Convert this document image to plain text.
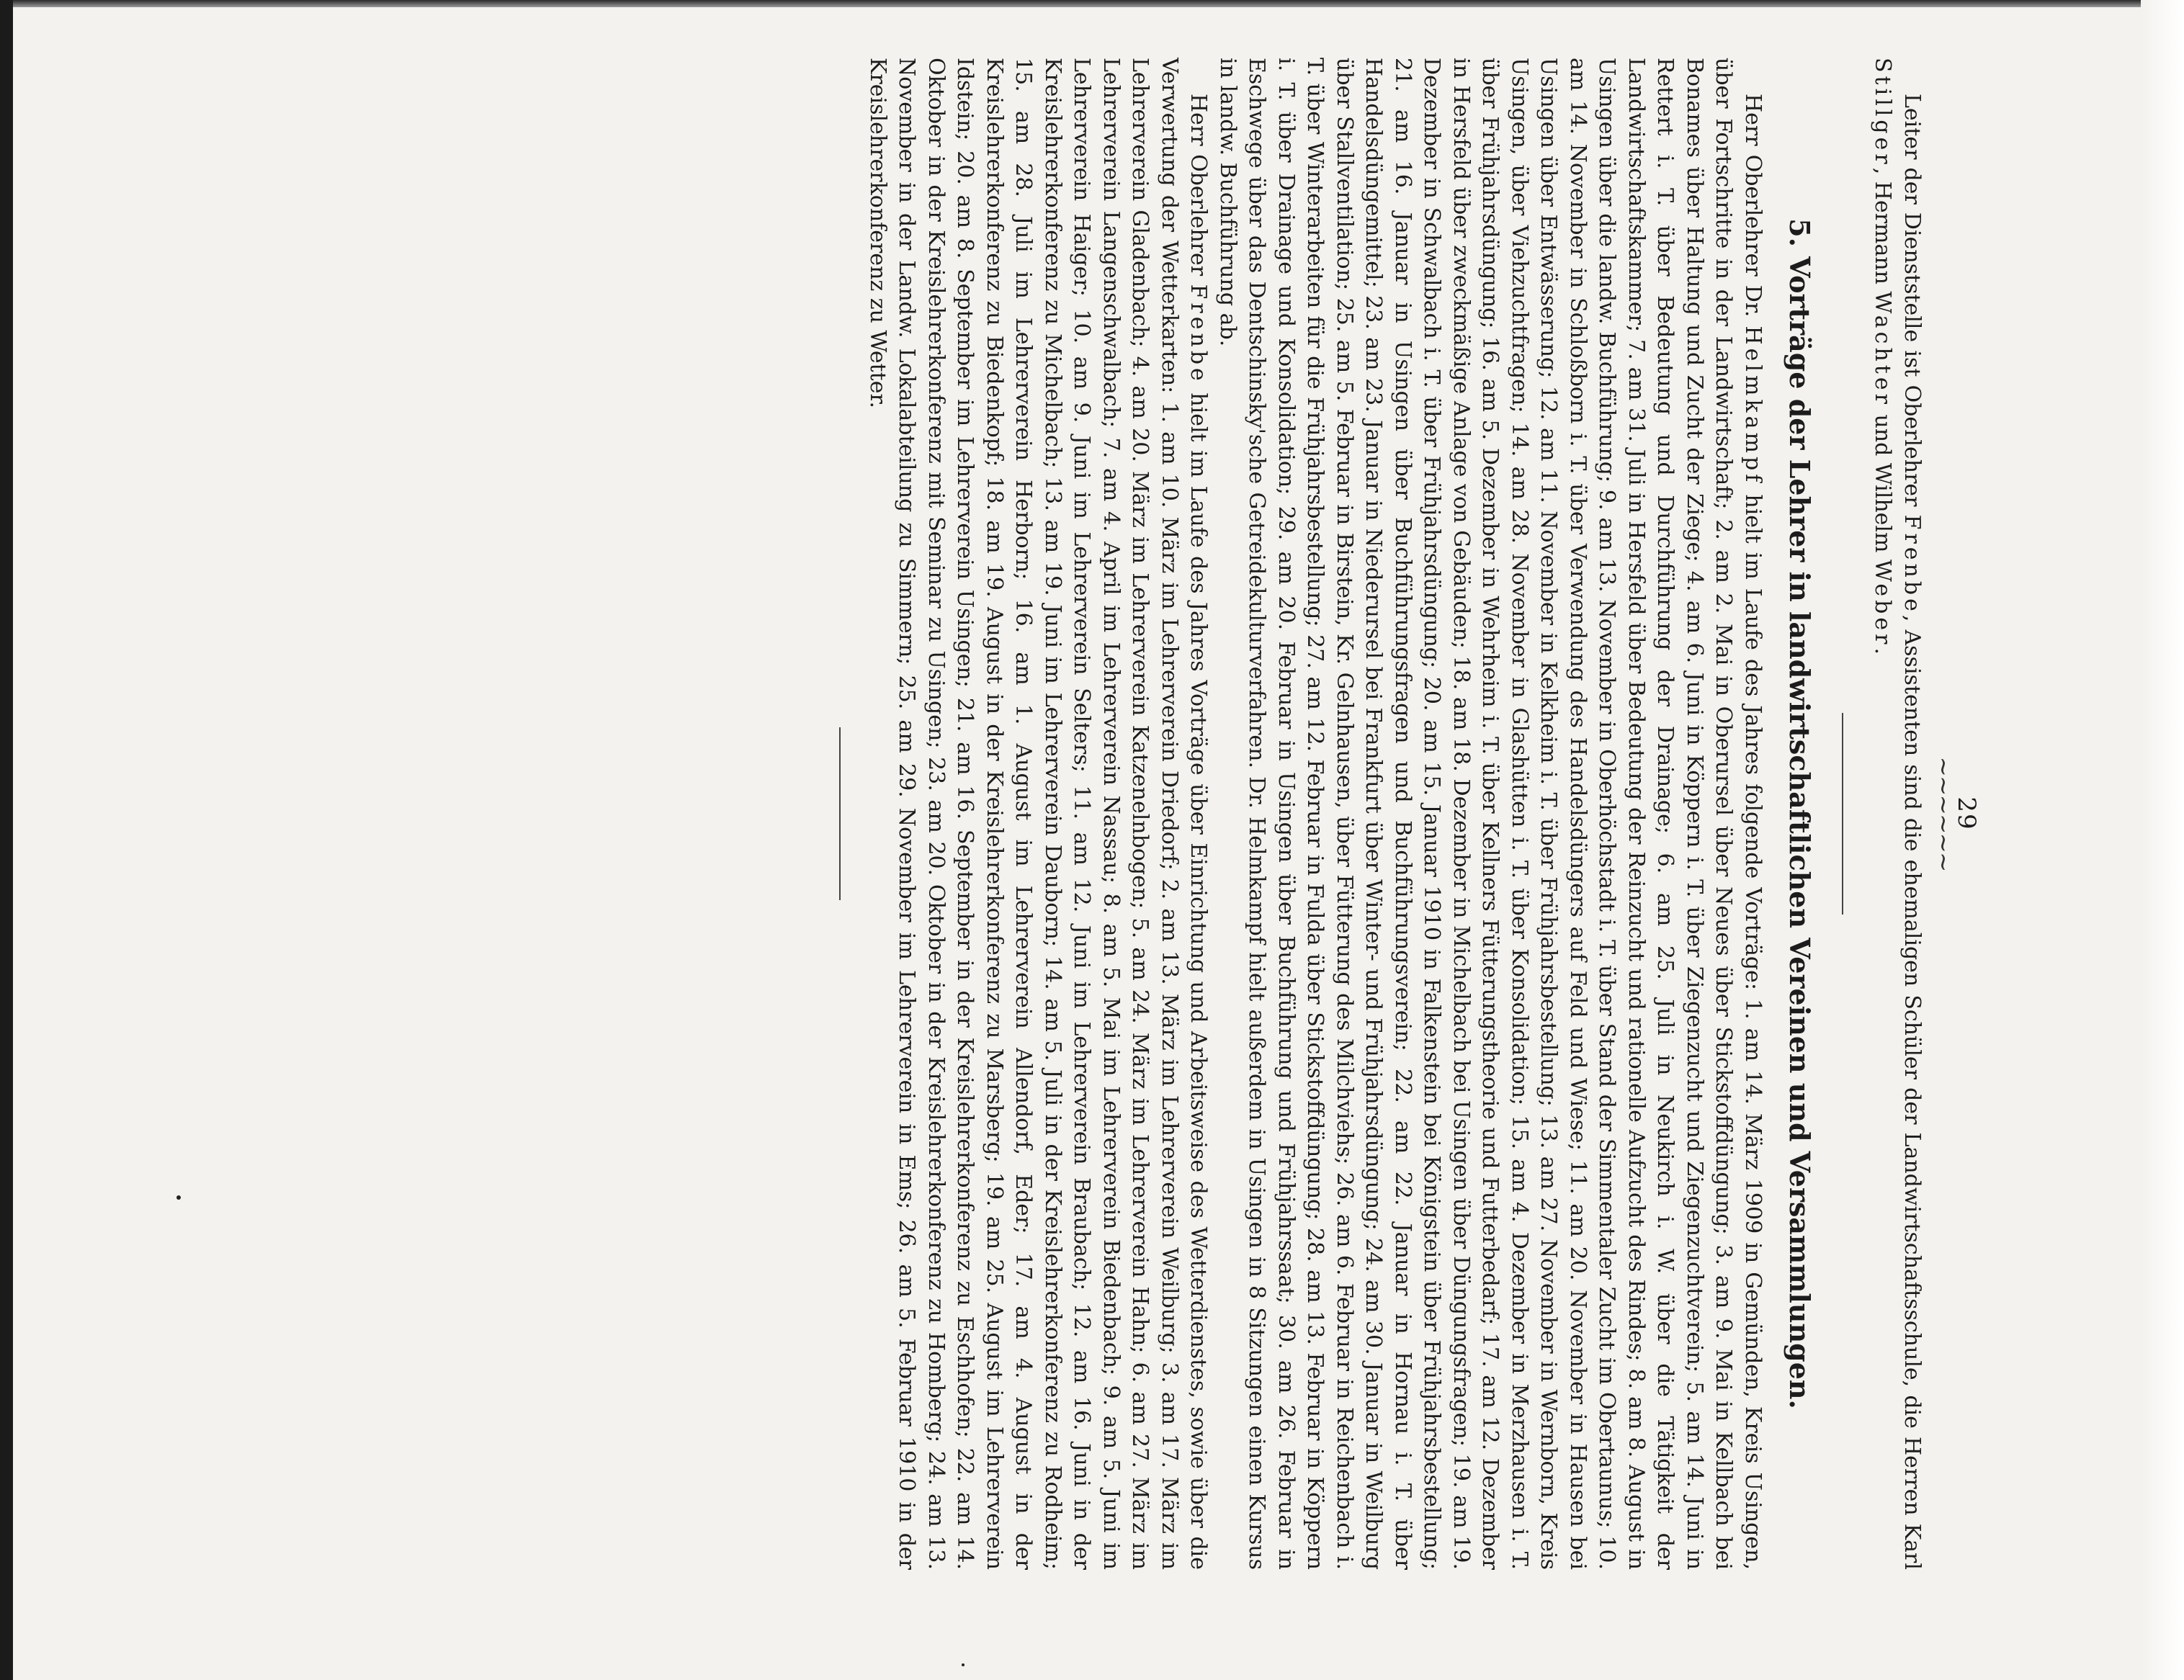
29

~~~~~~

Leiter der Dienststelle ist Oberlehrer Frenbe, Assistenten sind die ehemaligen Schüler der Landwirtschaftsschule, die Herren Karl Stillger, Hermann Wachter und Wilhelm Weber.

5. Vorträge der Lehrer in landwirtschaftlichen Vereinen und Versammlungen.

Herr Oberlehrer Dr. Helmkampf hielt im Laufe des Jahres folgende Vorträge: 1. am 14. März 1909 in Gemünden, Kreis Usingen, über Fortschritte in der Landwirtschaft; 2. am 2. Mai in Oberursel über Neues über Stickstoffdüngung; 3. am 9. Mai in Kellbach bei Bonames über Haltung und Zucht der Ziege; 4. am 6. Juni in Köppern i. T. über Ziegenzucht und Ziegenzuchtverein; 5. am 14. Juni in Rettert i. T. über Bedeutung und Durchführung der Drainage; 6. am 25. Juli in Neukirch i. W. über die Tätigkeit der Landwirtschaftskammer; 7. am 31. Juli in Hersfeld über Bedeutung der Reinzucht und rationelle Aufzucht des Rindes; 8. am 8. August in Usingen über die landw. Buchführung; 9. am 13. November in Oberhöchstadt i. T. über Stand der Simmentaler Zucht im Obertaunus; 10. am 14. November in Schloßborn i. T. über Verwendung des Handelsdüngers auf Feld und Wiese; 11. am 20. November in Hausen bei Usingen über Entwässerung; 12. am 11. November in Kelkheim i. T. über Frühjahrsbestellung; 13. am 27. November in Wernborn, Kreis Usingen, über Viehzuchtfragen; 14. am 28. November in Glashütten i. T. über Konsolidation; 15. am 4. Dezember in Merzhausen i. T. über Frühjahrsdüngung; 16. am 5. Dezember in Wehrheim i. T. über Kellners Fütterungstheorie und Futterbedarf; 17. am 12. Dezember in Hersfeld über zweckmäßige Anlage von Gebäuden; 18. am 18. Dezember in Michelbach bei Usingen über Düngungsfragen; 19. am 19. Dezember in Schwalbach i. T. über Frühjahrsdüngung; 20. am 15. Januar 1910 in Falkenstein bei Königstein über Frühjahrsbestellung; 21. am 16. Januar in Usingen über Buchführungsfragen und Buchführungsverein; 22. am 22. Januar in Hornau i. T. über Handelsdüngemittel; 23. am 23. Januar in Niederursel bei Frankfurt über Winter- und Frühjahrsdüngung; 24. am 30. Januar in Weilburg über Stallventilation; 25. am 5. Februar in Birstein, Kr. Gelnhausen, über Fütterung des Milchviehs; 26. am 6. Februar in Reichenbach i. T. über Winterarbeiten für die Frühjahrsbestellung; 27. am 12. Februar in Fulda über Stickstoffdüngung; 28. am 13. Februar in Köppern i. T. über Drainage und Konsolidation; 29. am 20. Februar in Usingen über Buchführung und Frühjahrssaat; 30. am 26. Februar in Eschwege über das Dentschinsky'sche Getreidekulturverfahren. Dr. Helmkampf hielt außerdem in Usingen in 8 Sitzungen einen Kursus in landw. Buchführung ab.

Herr Oberlehrer Frenbe hielt im Laufe des Jahres Vorträge über Einrichtung und Arbeitsweise des Wetterdienstes, sowie über die Verwertung der Wetterkarten: 1. am 10. März im Lehrerverein Driedorf; 2. am 13. März im Lehrerverein Weilburg; 3. am 17. März im Lehrerverein Gladenbach; 4. am 20. März im Lehrerverein Katzenelnbogen; 5. am 24. März im Lehrerverein Hahn; 6. am 27. März im Lehrerverein Langenschwalbach; 7. am 4. April im Lehrerverein Nassau; 8. am 5. Mai im Lehrerverein Biedenbach; 9. am 5. Juni im Lehrerverein Haiger; 10. am 9. Juni im Lehrerverein Selters; 11. am 12. Juni im Lehrerverein Braubach; 12. am 16. Juni in der Kreislehrerkonferenz zu Michelbach; 13. am 19. Juni im Lehrerverein Dauborn; 14. am 5. Juli in der Kreislehrerkonferenz zu Rodheim; 15. am 28. Juli im Lehrerverein Herborn; 16. am 1. August im Lehrerverein Allendorf, Eder; 17. am 4. August in der Kreislehrerkonferenz zu Biedenkopf; 18. am 19. August in der Kreislehrerkonferenz zu Marsberg; 19. am 25. August im Lehrerverein Idstein; 20. am 8. September im Lehrerverein Usingen; 21. am 16. September in der Kreislehrerkonferenz zu Eschhofen; 22. am 14. Oktober in der Kreislehrerkonferenz mit Seminar zu Usingen; 23. am 20. Oktober in der Kreislehrerkonferenz zu Homberg; 24. am 13. November in der Landw. Lokalabteilung zu Simmern; 25. am 29. November im Lehrerverein in Ems; 26. am 5. Februar 1910 in der Kreislehrerkonferenz zu Wetter.
